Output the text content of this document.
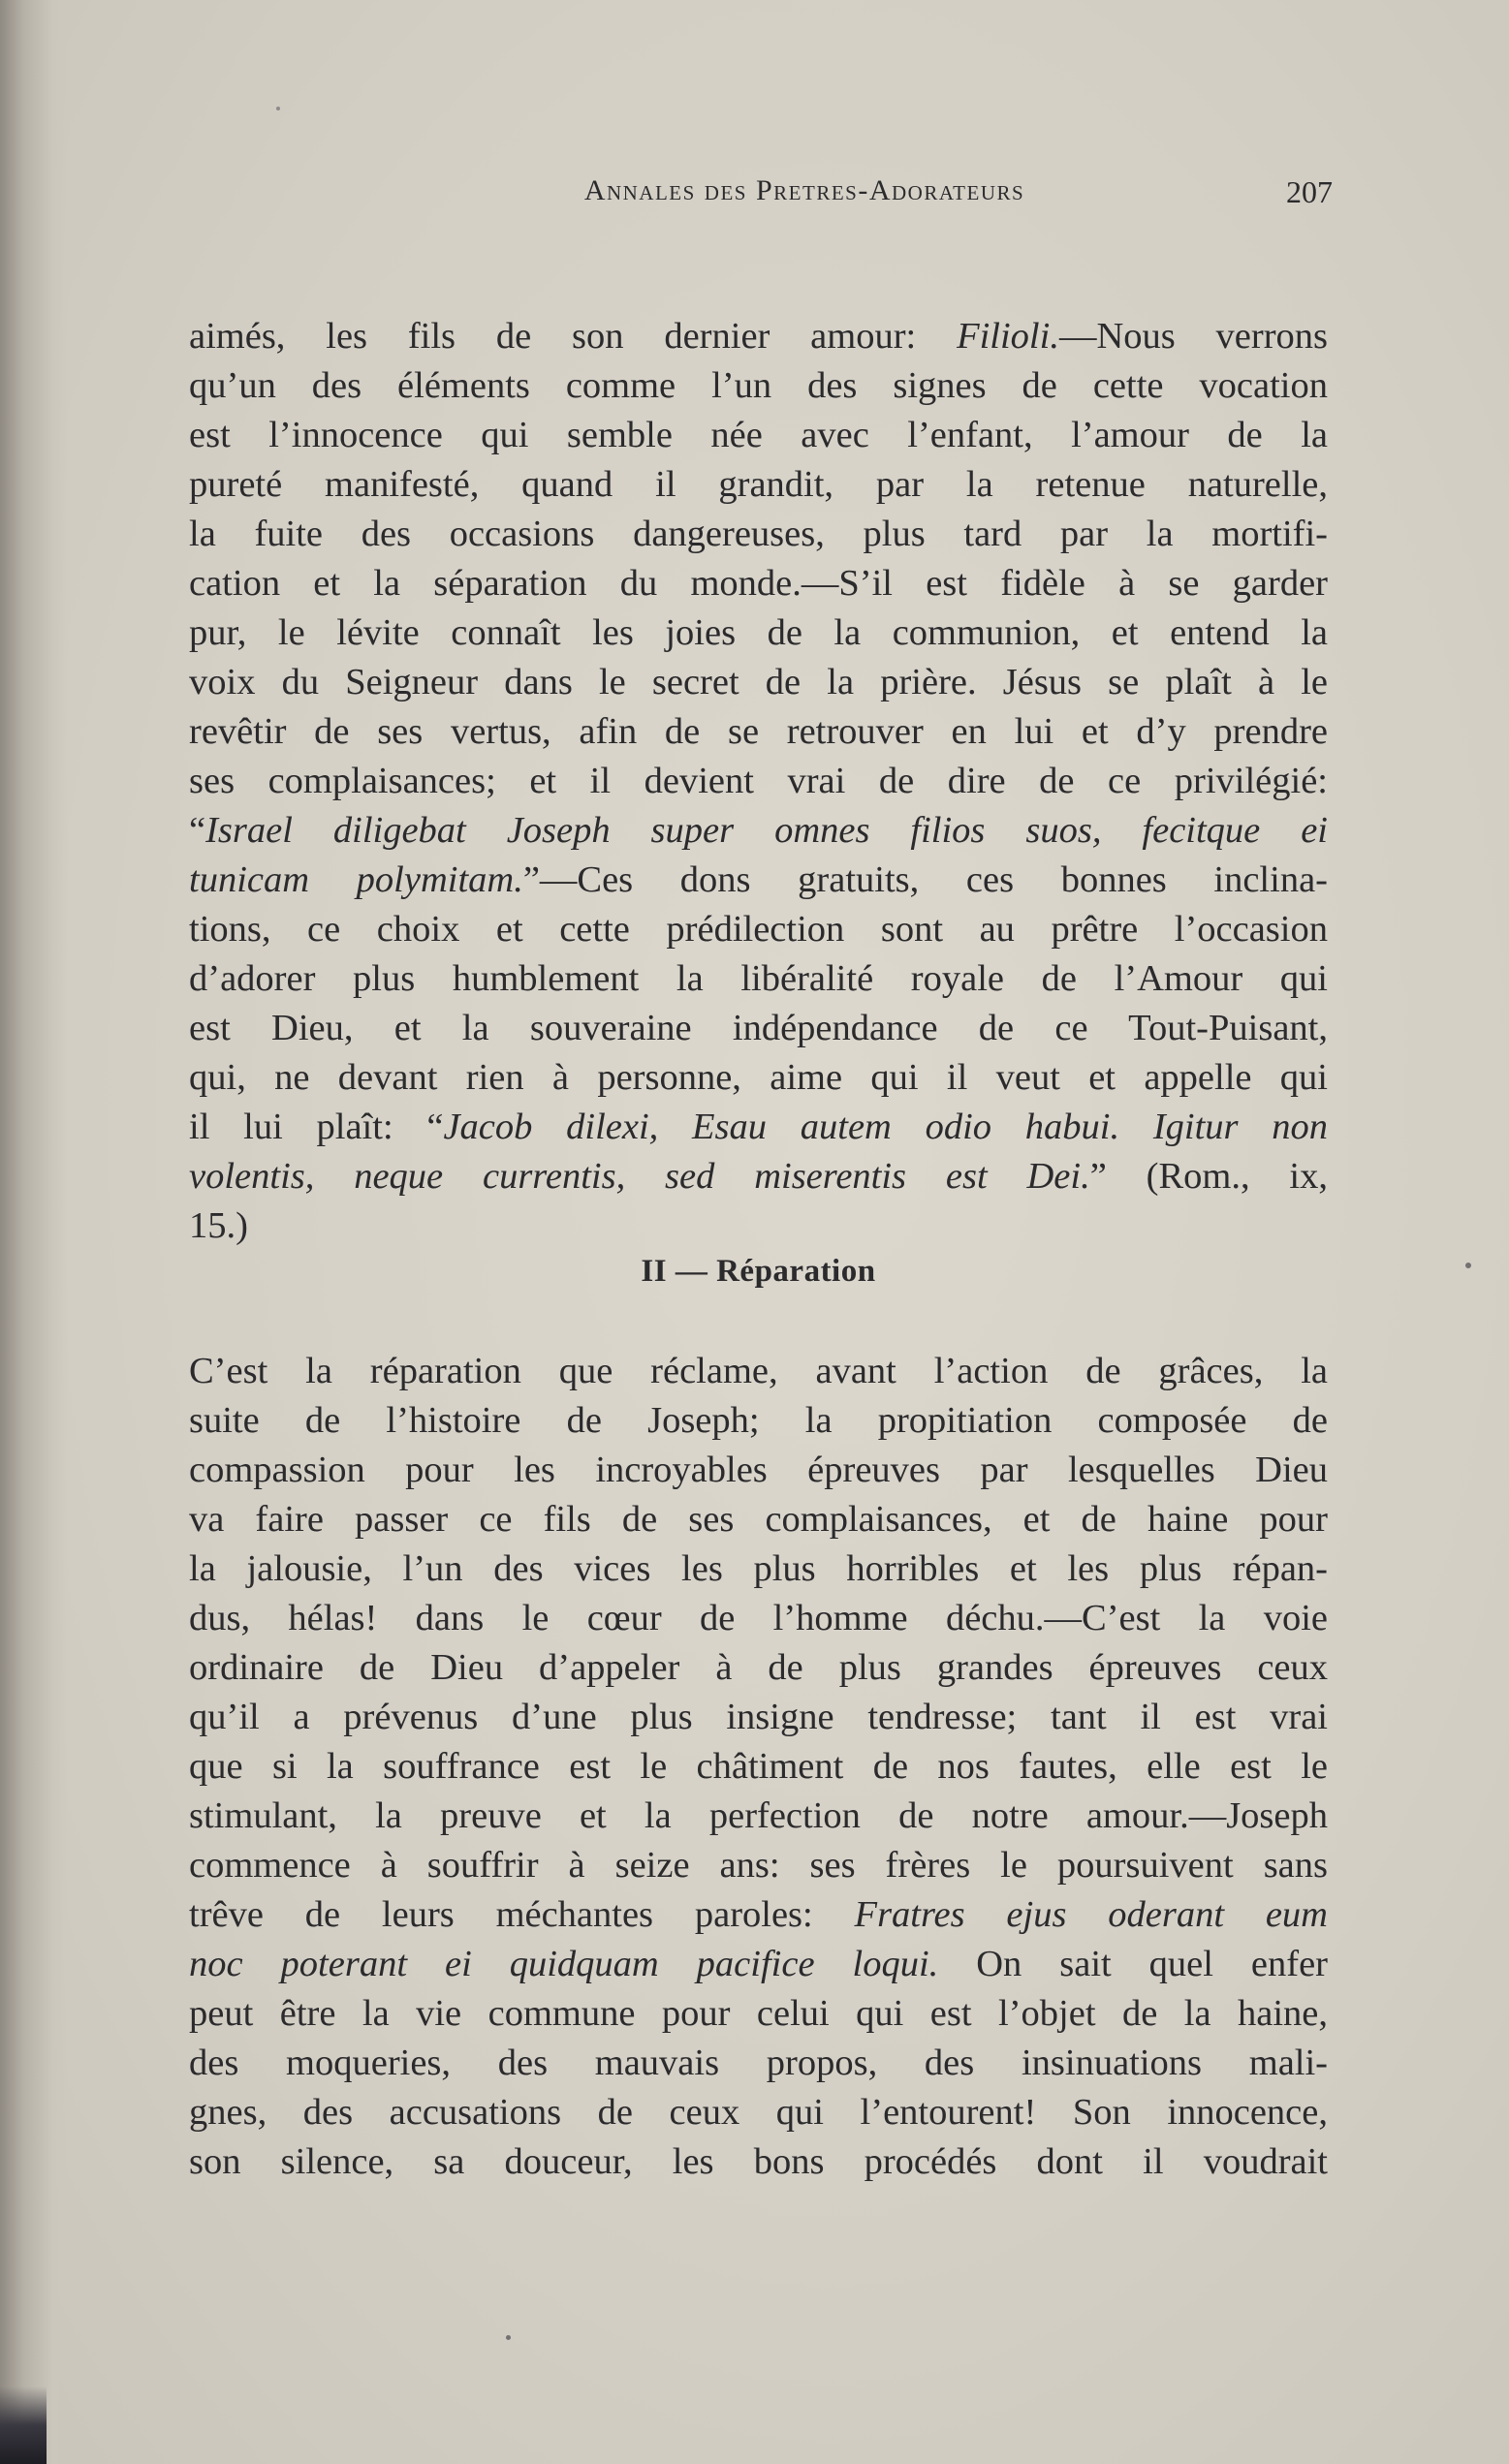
Annales des Pretres-Adorateurs	207
aimés, les fils de son dernier amour: Filioli.—Nous verrons
qu’un des éléments comme l’un des signes de cette vocation
est l’innocence qui semble née avec l’enfant, l’amour de la
pureté manifesté, quand il grandit, par la retenue naturelle,
la fuite des occasions dangereuses, plus tard par la mortifi-
cation et la séparation du monde.—S’il est fidèle à se garder
pur, le lévite connaît les joies de la communion, et entend la
voix du Seigneur dans le secret de la prière. Jésus se plaît à le
revêtir de ses vertus, afin de se retrouver en lui et d’y prendre
ses complaisances; et il devient vrai de dire de ce privilégié:
“Israel diligebat Joseph super omnes filios suos, fecitque ei
tunicam polymitam.”—Ces dons gratuits, ces bonnes inclina-
tions, ce choix et cette prédilection sont au prêtre l’occasion
d’adorer plus humblement la libéralité royale de l’Amour qui
est Dieu, et la souveraine indépendance de ce Tout-Puisant,
qui, ne devant rien à personne, aime qui il veut et appelle qui
il lui plaît: “Jacob dilexi, Esau autem odio habui. Igitur non
volentis, neque currentis, sed miserentis est Dei.” (Rom., ix,
15.)
II — Réparation
C’est la réparation que réclame, avant l’action de grâces, la
suite de l’histoire de Joseph; la propitiation composée de
compassion pour les incroyables épreuves par lesquelles Dieu
va faire passer ce fils de ses complaisances, et de haine pour
la jalousie, l’un des vices les plus horribles et les plus répan-
dus, hélas! dans le cœur de l’homme déchu.—C’est la voie
ordinaire de Dieu d’appeler à de plus grandes épreuves ceux
qu’il a prévenus d’une plus insigne tendresse; tant il est vrai
que si la souffrance est le châtiment de nos fautes, elle est le
stimulant, la preuve et la perfection de notre amour.—Joseph
commence à souffrir à seize ans: ses frères le poursuivent sans
trêve de leurs méchantes paroles: Fratres ejus oderant eum
noc poterant ei quidquam pacifice loqui. On sait quel enfer
peut être la vie commune pour celui qui est l’objet de la haine,
des moqueries, des mauvais propos, des insinuations mali-
gnes, des accusations de ceux qui l’entourent! Son innocence,
son silence, sa douceur, les bons procédés dont il voudrait
